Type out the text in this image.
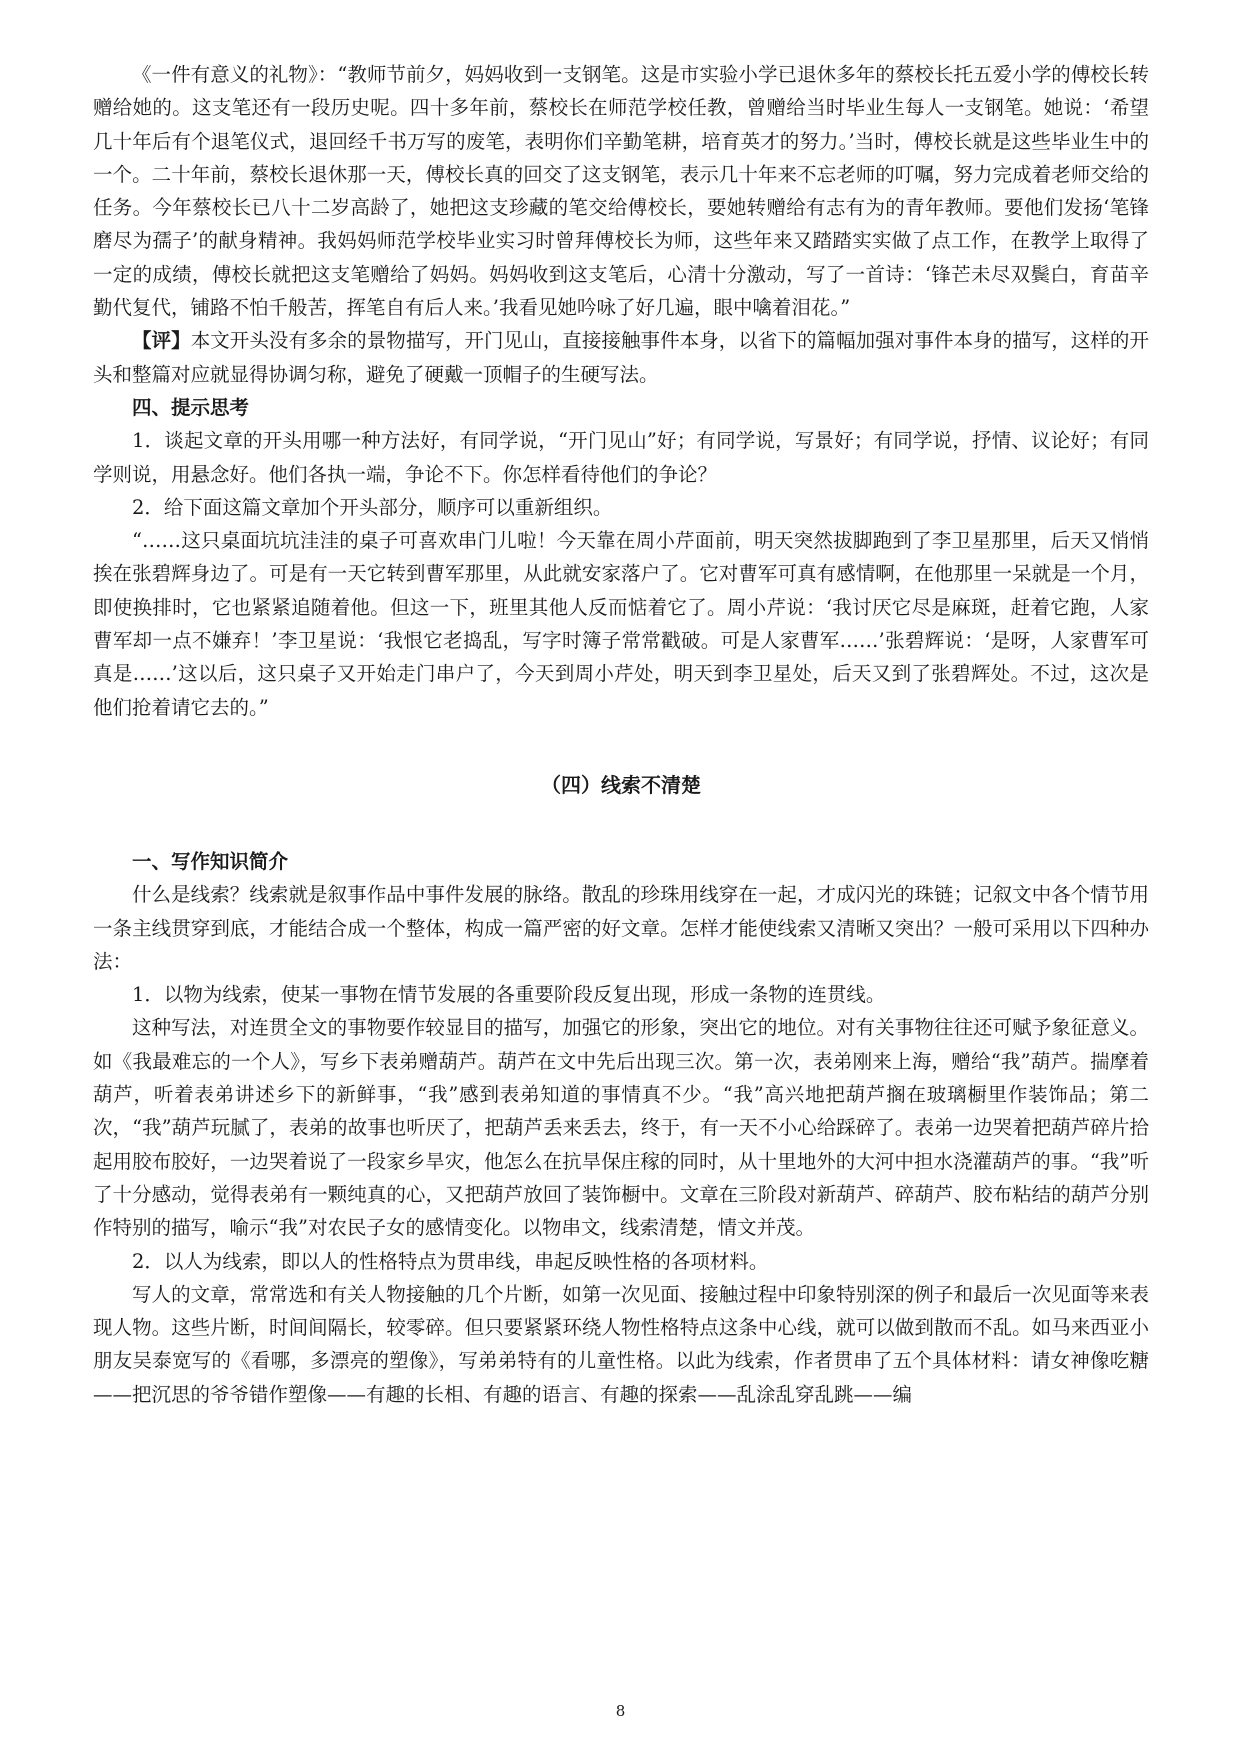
《一件有意义的礼物》：“教师节前夕，妈妈收到一支钢笔。这是市实验小学已退休多年的蔡校长托五爱小学的傅校长转赠给她的。这支笔还有一段历史呢。四十多年前，蔡校长在师范学校任教，曾赠给当时毕业生每人一支钢笔。她说：‘希望几十年后有个退笔仪式，退回经千书万写的废笔，表明你们辛勤笔耕，培育英才的努力。’当时，傅校长就是这些毕业生中的一个。二十年前，蔡校长退休那一天，傅校长真的回交了这支钢笔，表示几十年来不忘老师的叮嘱，努力完成着老师交给的任务。今年蔡校长已八十二岁高龄了，她把这支珍藏的笔交给傅校长，要她转赠给有志有为的青年教师。要他们发扬‘笔锋磨尽为孺子’的献身精神。我妈妈师范学校毕业实习时曾拜傅校长为师，这些年来又踏踏实实做了点工作，在教学上取得了一定的成绩，傅校长就把这支笔赠给了妈妈。妈妈收到这支笔后，心清十分激动，写了一首诗：‘锋芒未尽双鬓白，育苗辛勤代复代，铺路不怕千般苦，挥笔自有后人来。’我看见她吟咏了好几遍，眼中噙着泪花。”

【评】本文开头没有多余的景物描写，开门见山，直接接触事件本身，以省下的篇幅加强对事件本身的描写，这样的开头和整篇对应就显得协调匀称，避免了硬戴一顶帽子的生硬写法。

四、提示思考

1．谈起文章的开头用哪一种方法好，有同学说，“开门见山”好；有同学说，写景好；有同学说，抒情、议论好；有同学则说，用悬念好。他们各执一端，争论不下。你怎样看待他们的争论？

2．给下面这篇文章加个开头部分，顺序可以重新组织。

“……这只桌面坑坑洼洼的桌子可喜欢串门儿啦！今天靠在周小芹面前，明天突然拔脚跑到了李卫星那里，后天又悄悄挨在张碧辉身边了。可是有一天它转到曹军那里，从此就安家落户了。它对曹军可真有感情啊，在他那里一呆就是一个月，即使换排时，它也紧紧追随着他。但这一下，班里其他人反而惦着它了。周小芹说：‘我讨厌它尽是麻斑，赶着它跑，人家曹军却一点不嫌弃！’李卫星说：‘我恨它老捣乱，写字时簿子常常戳破。可是人家曹军……’张碧辉说：‘是呀，人家曹军可真是……’这以后，这只桌子又开始走门串户了，今天到周小芹处，明天到李卫星处，后天又到了张碧辉处。不过，这次是他们抢着请它去的。”

（四）线索不清楚
一、写作知识简介

什么是线索？线索就是叙事作品中事件发展的脉络。散乱的珍珠用线穿在一起，才成闪光的珠链；记叙文中各个情节用一条主线贯穿到底，才能结合成一个整体，构成一篇严密的好文章。怎样才能使线索又清晰又突出？一般可采用以下四种办法：

1．以物为线索，使某一事物在情节发展的各重要阶段反复出现，形成一条物的连贯线。

这种写法，对连贯全文的事物要作较显目的描写，加强它的形象，突出它的地位。对有关事物往往还可赋予象征意义。如《我最难忘的一个人》，写乡下表弟赠葫芦。葫芦在文中先后出现三次。第一次，表弟刚来上海，赠给“我”葫芦。揣摩着葫芦，听着表弟讲述乡下的新鲜事，“我”感到表弟知道的事情真不少。“我”高兴地把葫芦搁在玻璃橱里作装饰品；第二次，“我”葫芦玩腻了，表弟的故事也听厌了，把葫芦丢来丢去，终于，有一天不小心给踩碎了。表弟一边哭着把葫芦碎片拾起用胶布胶好，一边哭着说了一段家乡旱灾，他怎么在抗旱保庄稼的同时，从十里地外的大河中担水浇灌葫芦的事。“我”听了十分感动，觉得表弟有一颗纯真的心，又把葫芦放回了装饰橱中。文章在三阶段对新葫芦、碎葫芦、胶布粘结的葫芦分别作特别的描写，喻示“我”对农民子女的感情变化。以物串文，线索清楚，情文并茂。

2．以人为线索，即以人的性格特点为贯串线，串起反映性格的各项材料。

写人的文章，常常选和有关人物接触的几个片断，如第一次见面、接触过程中印象特别深的例子和最后一次见面等来表现人物。这些片断，时间间隔长，较零碎。但只要紧紧环绕人物性格特点这条中心线，就可以做到散而不乱。如马来西亚小朋友吴泰宽写的《看哪，多漂亮的塑像》，写弟弟特有的儿童性格。以此为线索，作者贯串了五个具体材料：请女神像吃糖——把沉思的爷爷错作塑像——有趣的长相、有趣的语言、有趣的探索——乱涂乱穿乱跳——编

8
